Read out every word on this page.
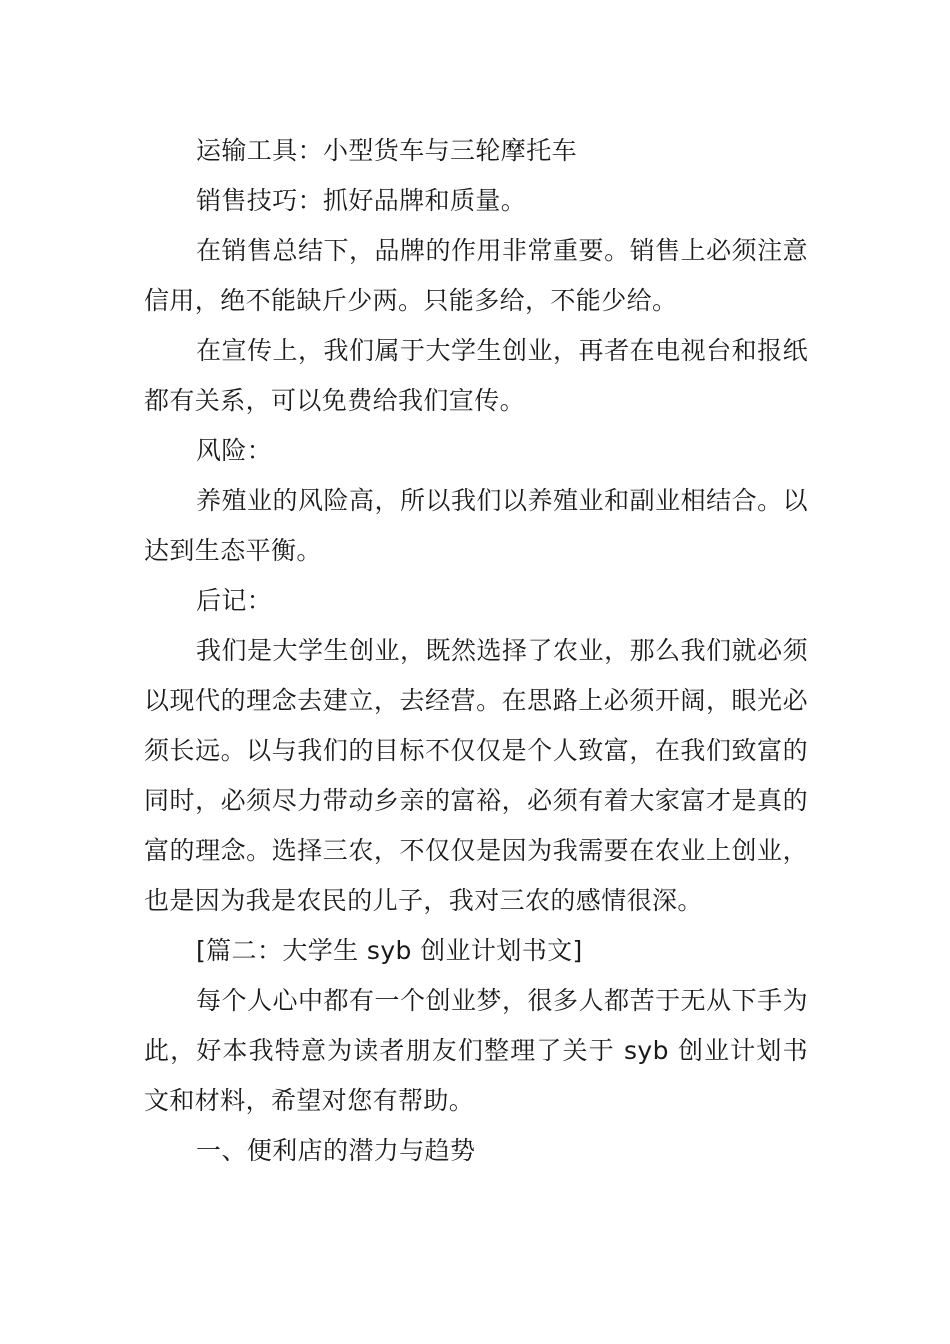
运输工具：小型货车与三轮摩托车

销售技巧：抓好品牌和质量。

在销售总结下，品牌的作用非常重要。销售上必须注意信用，绝不能缺斤少两。只能多给，不能少给。

在宣传上，我们属于大学生创业，再者在电视台和报纸都有关系，可以免费给我们宣传。

风险：

养殖业的风险高，所以我们以养殖业和副业相结合。以达到生态平衡。

后记：

我们是大学生创业，既然选择了农业，那么我们就必须以现代的理念去建立，去经营。在思路上必须开阔，眼光必须长远。以与我们的目标不仅仅是个人致富，在我们致富的同时，必须尽力带动乡亲的富裕，必须有着大家富才是真的富的理念。选择三农，不仅仅是因为我需要在农业上创业，也是因为我是农民的儿子，我对三农的感情很深。

[篇二：大学生 syb 创业计划书文]

每个人心中都有一个创业梦，很多人都苦于无从下手为此，好本我特意为读者朋友们整理了关于 syb 创业计划书文和材料，希望对您有帮助。

一、便利店的潜力与趋势
